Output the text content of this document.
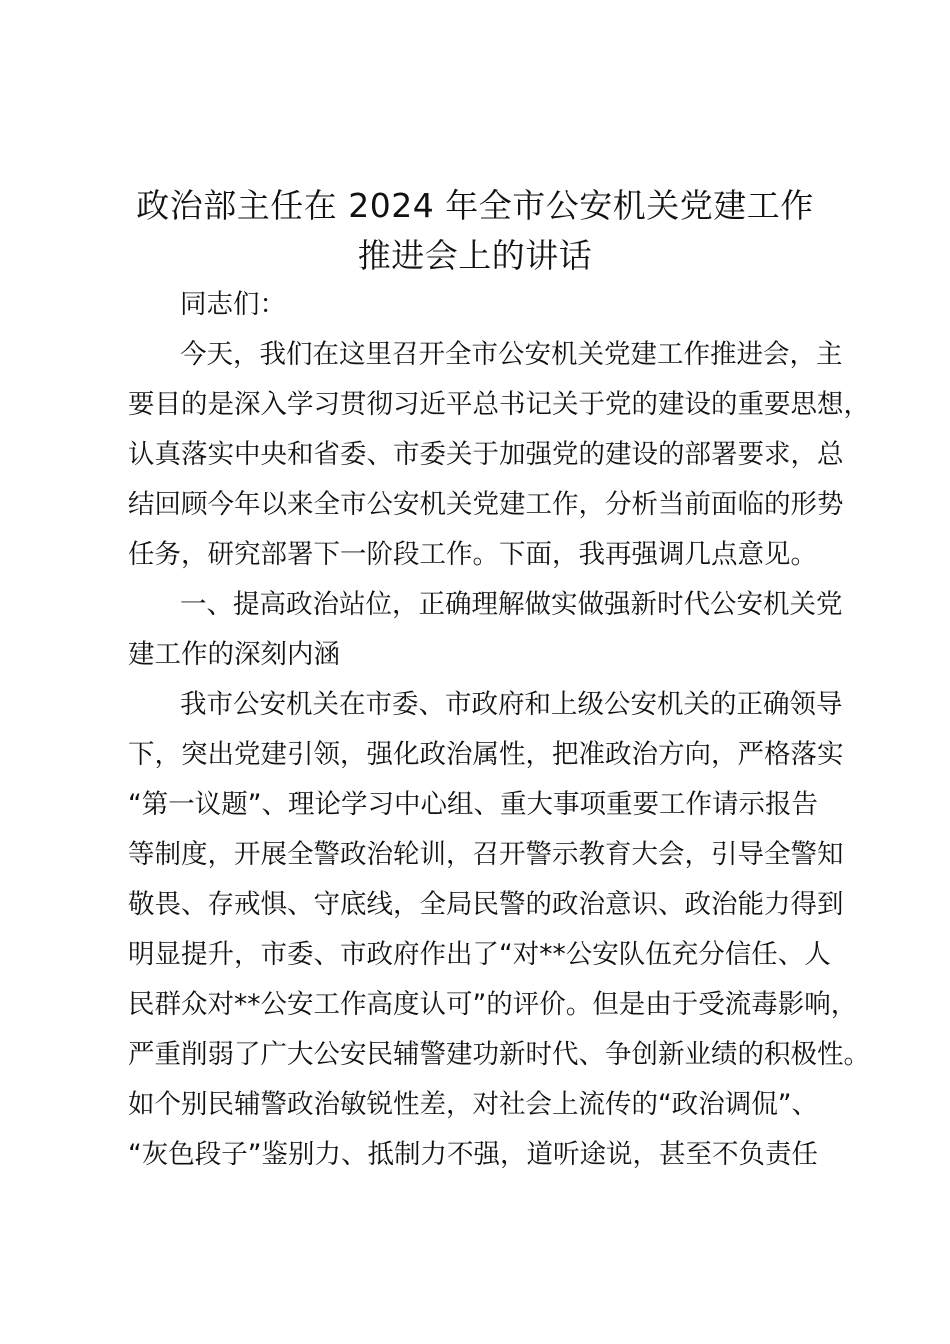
政治部主任在 2024 年全市公安机关党建工作
推进会上的讲话
同志们：
今天，我们在这里召开全市公安机关党建工作推进会，主
要目的是深入学习贯彻习近平总书记关于党的建设的重要思想，
认真落实中央和省委、市委关于加强党的建设的部署要求，总
结回顾今年以来全市公安机关党建工作，分析当前面临的形势
任务，研究部署下一阶段工作。下面，我再强调几点意见。
一、提高政治站位，正确理解做实做强新时代公安机关党
建工作的深刻内涵
我市公安机关在市委、市政府和上级公安机关的正确领导
下，突出党建引领，强化政治属性，把准政治方向，严格落实
“第一议题”、理论学习中心组、重大事项重要工作请示报告
等制度，开展全警政治轮训，召开警示教育大会，引导全警知
敬畏、存戒惧、守底线，全局民警的政治意识、政治能力得到
明显提升，市委、市政府作出了“对**公安队伍充分信任、人
民群众对**公安工作高度认可”的评价。但是由于受流毒影响，
严重削弱了广大公安民辅警建功新时代、争创新业绩的积极性。
如个别民辅警政治敏锐性差，对社会上流传的“政治调侃”、
“灰色段子”鉴别力、抵制力不强，道听途说，甚至不负责任
